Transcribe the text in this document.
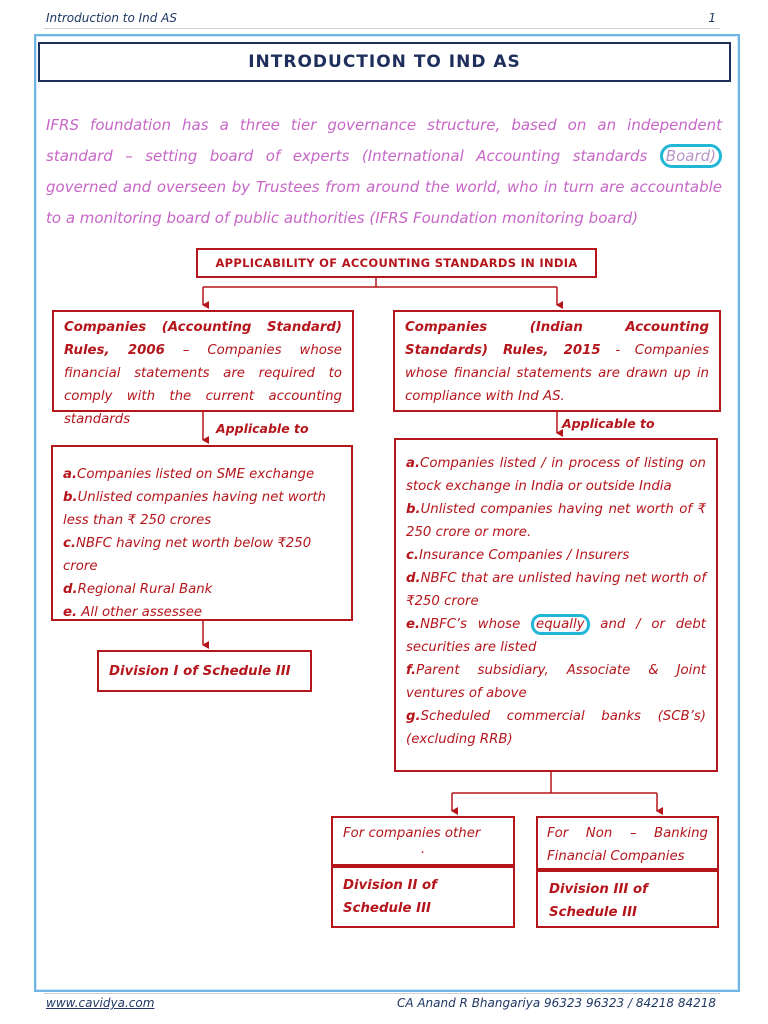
Introduction to Ind AS	1
INTRODUCTION TO IND AS
IFRS foundation has a three tier governance structure, based on an independent standard – setting board of experts (International Accounting standards Board) governed and overseen by Trustees from around the world, who in turn are accountable to a monitoring board of public authorities (IFRS Foundation monitoring board)
APPLICABILITY OF ACCOUNTING STANDARDS IN INDIA
Companies (Accounting Standard) Rules, 2006 – Companies whose financial statements are required to comply with the current accounting standards
Companies (Indian Accounting Standards) Rules, 2015 - Companies whose financial statements are drawn up in compliance with Ind AS.
Applicable to	Applicable to
a.Companies listed on SME exchange
b.Unlisted companies having net worth less than ₹ 250 crores
c.NBFC having net worth below ₹250 crore
d.Regional Rural Bank
e. All other assessee
a.Companies listed / in process of listing on stock exchange in India or outside India
b.Unlisted companies having net worth of ₹ 250 crore or more.
c.Insurance Companies / Insurers
d.NBFC that are unlisted having net worth of ₹250 crore
e.NBFC’s whose equally and / or debt securities are listed
f.Parent subsidiary, Associate & Joint ventures of above
g.Scheduled commercial banks (SCB’s) (excluding RRB)
Division I of Schedule III
For companies other
.
Division II of Schedule III
For Non – Banking Financial Companies
Division III of Schedule III
www.cavidya.com	CA Anand R Bhangariya 96323 96323 / 84218 84218
